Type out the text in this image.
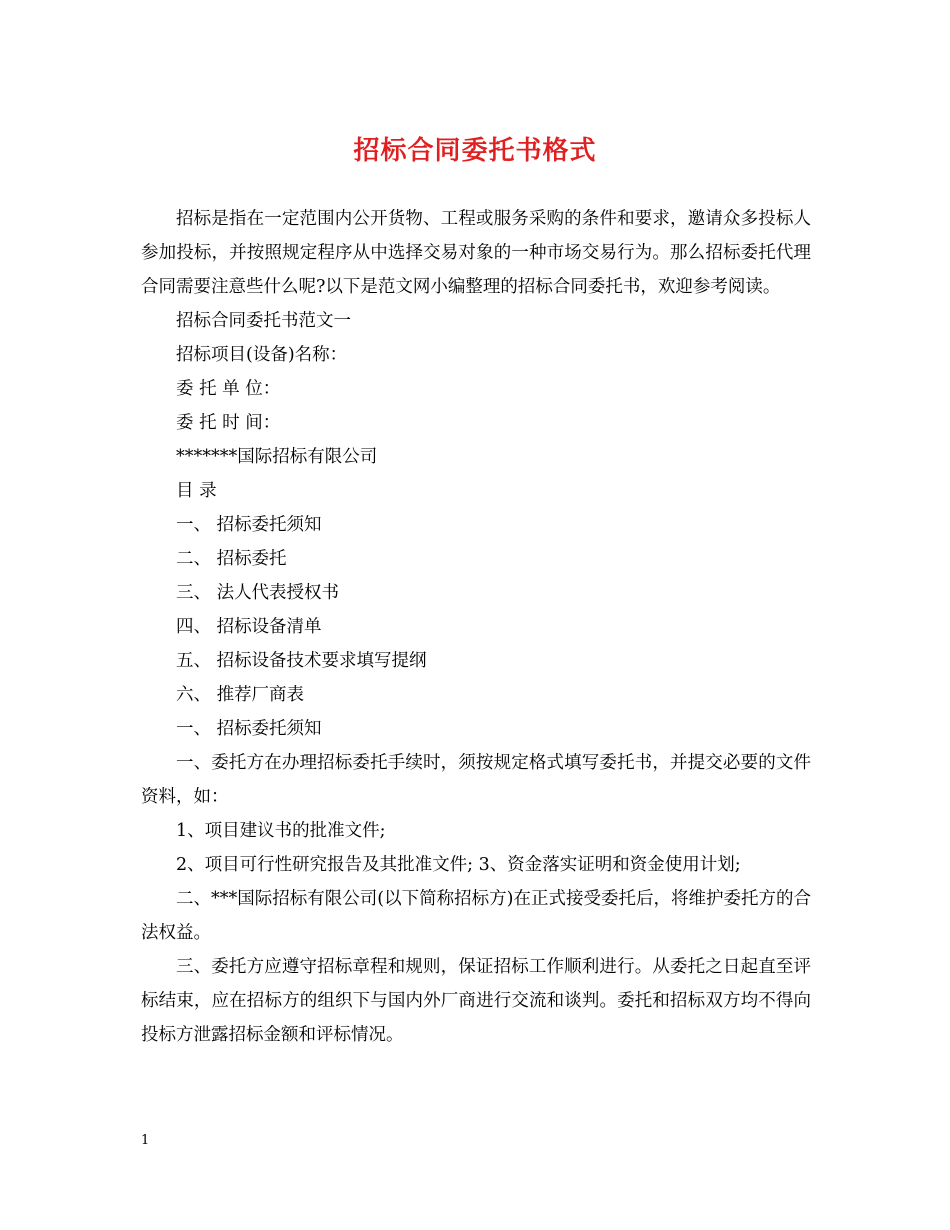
招标合同委托书格式

招标是指在一定范围内公开货物、工程或服务采购的条件和要求，邀请众多投标人参加投标，并按照规定程序从中选择交易对象的一种市场交易行为。那么招标委托代理合同需要注意些什么呢?以下是范文网小编整理的招标合同委托书，欢迎参考阅读。

招标合同委托书范文一

招标项目(设备)名称：

委 托 单 位：

委 托 时 间：

*******国际招标有限公司

目 录

一、 招标委托须知

二、 招标委托

三、 法人代表授权书

四、 招标设备清单

五、 招标设备技术要求填写提纲

六、 推荐厂商表

一、 招标委托须知

一、委托方在办理招标委托手续时，须按规定格式填写委托书，并提交必要的文件资料，如：

1、项目建议书的批准文件;

2、项目可行性研究报告及其批准文件; 3、资金落实证明和资金使用计划;

二、***国际招标有限公司(以下简称招标方)在正式接受委托后，将维护委托方的合法权益。

三、委托方应遵守招标章程和规则，保证招标工作顺利进行。从委托之日起直至评标结束，应在招标方的组织下与国内外厂商进行交流和谈判。委托和招标双方均不得向投标方泄露招标金额和评标情况。

1
